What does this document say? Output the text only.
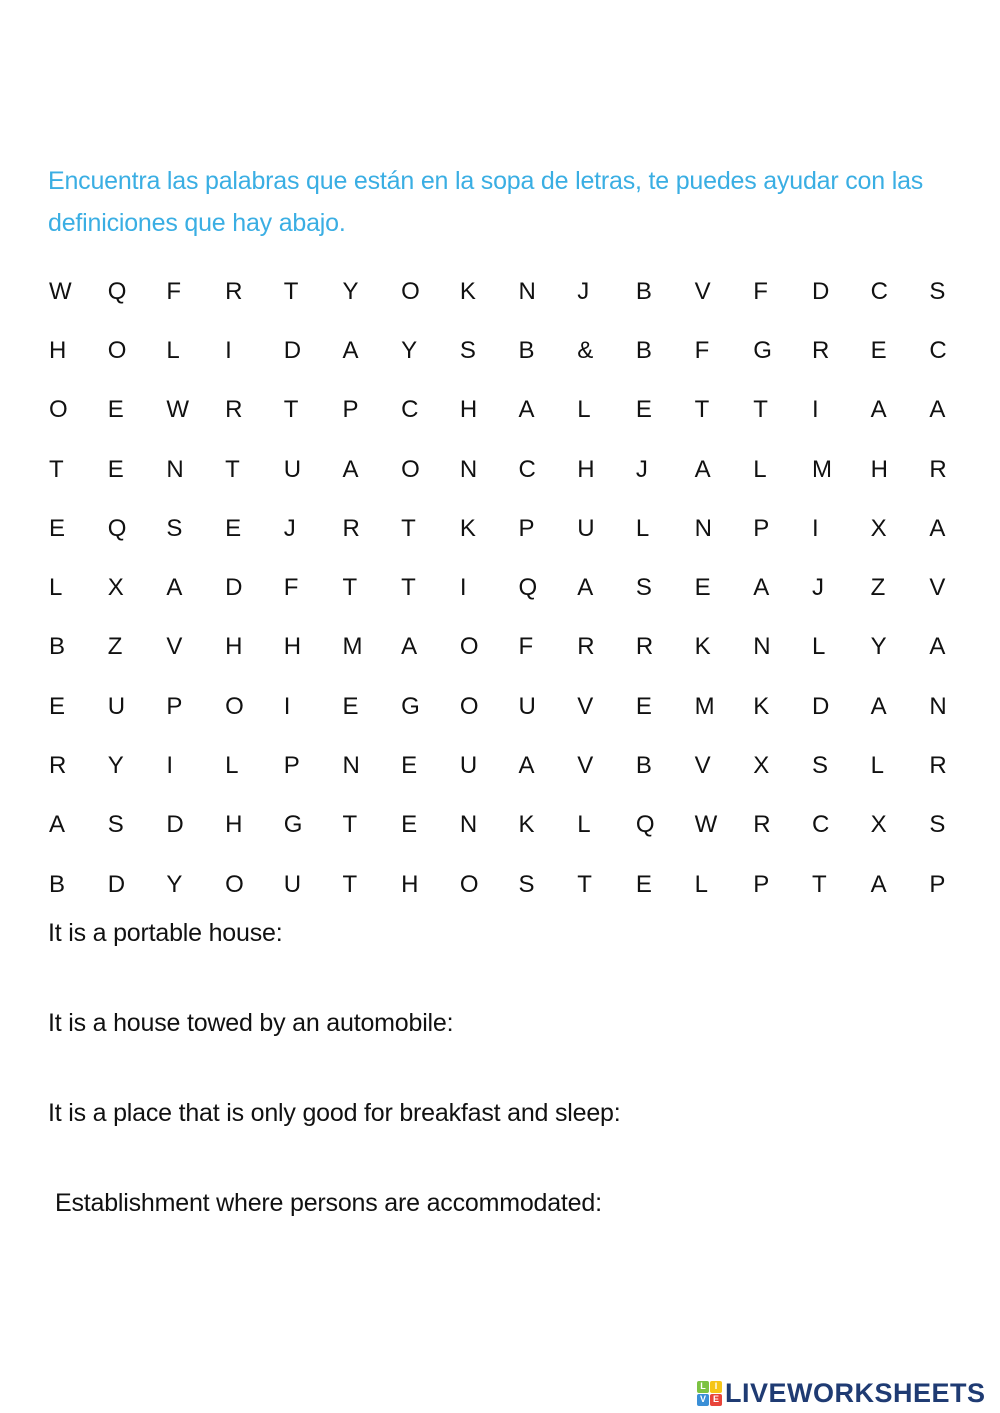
Encuentra las palabras que están en la sopa de letras, te puedes ayudar con las definiciones que hay abajo.
W	Q	F	R	T	Y	O	K	N	J	B	V	F	D	C	S
H	O	L	I	D	A	Y	S	B	&	B	F	G	R	E	C
O	E	W	R	T	P	C	H	A	L	E	T	T	I	A	A
T	E	N	T	U	A	O	N	C	H	J	A	L	M	H	R
E	Q	S	E	J	R	T	K	P	U	L	N	P	I	X	A
L	X	A	D	F	T	T	I	Q	A	S	E	A	J	Z	V
B	Z	V	H	H	M	A	O	F	R	R	K	N	L	Y	A
E	U	P	O	I	E	G	O	U	V	E	M	K	D	A	N
R	Y	I	L	P	N	E	U	A	V	B	V	X	S	L	R
A	S	D	H	G	T	E	N	K	L	Q	W	R	C	X	S
B	D	Y	O	U	T	H	O	S	T	E	L	P	T	A	P
It is a portable house:
It is a house towed by an automobile:
It is a place that is only good for breakfast and sleep:
Establishment where persons are accommodated:
L I
V E LIVEWORKSHEETS
